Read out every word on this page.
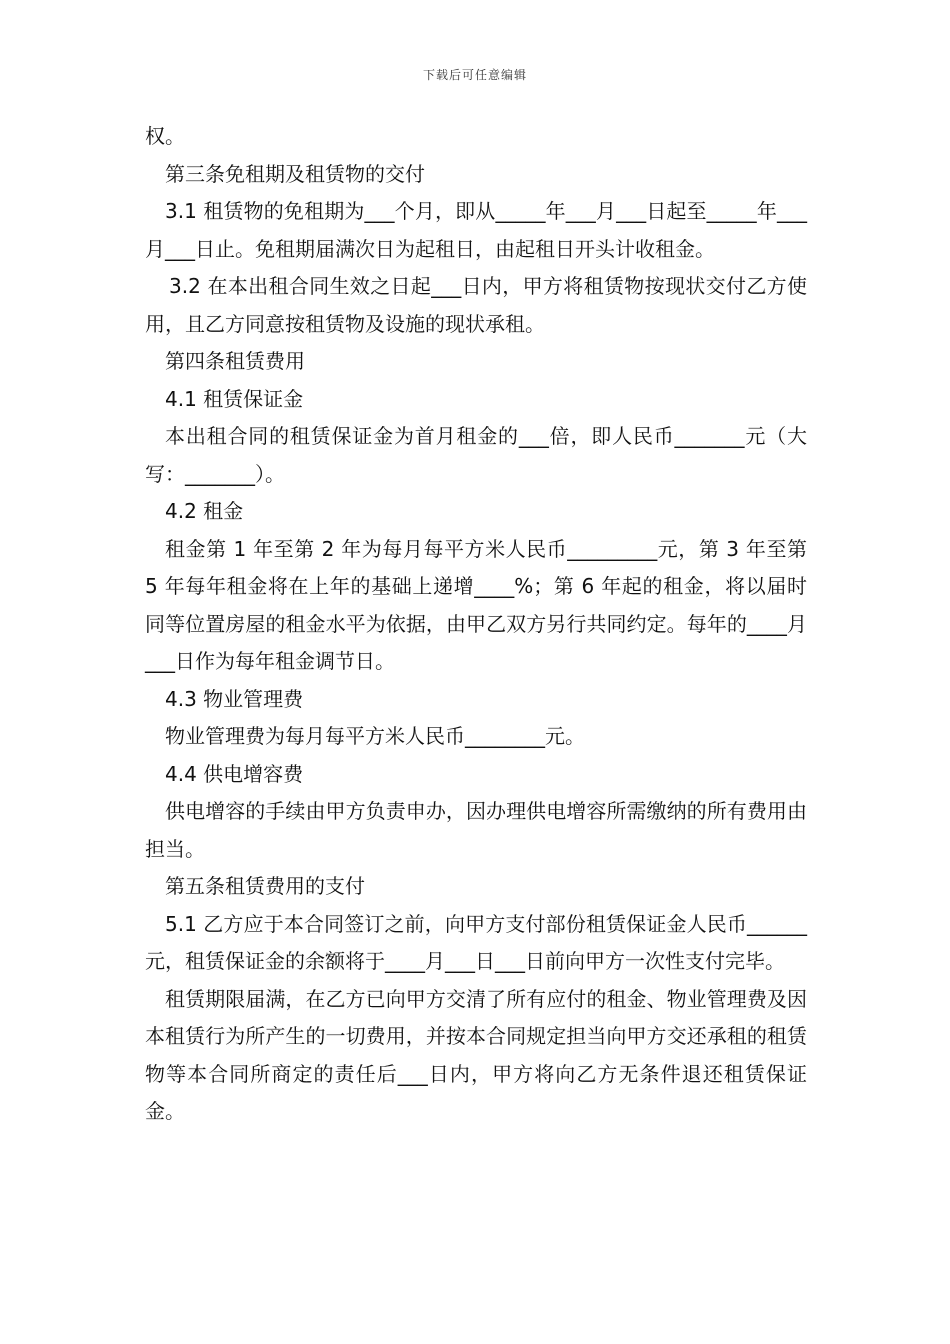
下载后可任意编辑

权。

第三条免租期及租赁物的交付

3.1 租赁物的免租期为___个月，即从_____年___月___日起至_____年___月___日止。免租期届满次日为起租日，由起租日开头计收租金。

3.2 在本出租合同生效之日起___日内，甲方将租赁物按现状交付乙方使用，且乙方同意按租赁物及设施的现状承租。

第四条租赁费用

4.1 租赁保证金

本出租合同的租赁保证金为首月租金的___倍，即人民币_______元（大写：_______）。

4.2 租金

租金第 1 年至第 2 年为每月每平方米人民币_________元，第 3 年至第 5 年每年租金将在上年的基础上递增____%；第 6 年起的租金，将以届时同等位置房屋的租金水平为依据，由甲乙双方另行共同约定。每年的____月___日作为每年租金调节日。

4.3 物业管理费

物业管理费为每月每平方米人民币________元。

4.4 供电增容费

供电增容的手续由甲方负责申办，因办理供电增容所需缴纳的所有费用由担当。

第五条租赁费用的支付

5.1 乙方应于本合同签订之前，向甲方支付部份租赁保证金人民币______元，租赁保证金的余额将于____月___日___日前向甲方一次性支付完毕。

租赁期限届满，在乙方已向甲方交清了所有应付的租金、物业管理费及因本租赁行为所产生的一切费用，并按本合同规定担当向甲方交还承租的租赁物等本合同所商定的责任后___日内，甲方将向乙方无条件退还租赁保证金。
